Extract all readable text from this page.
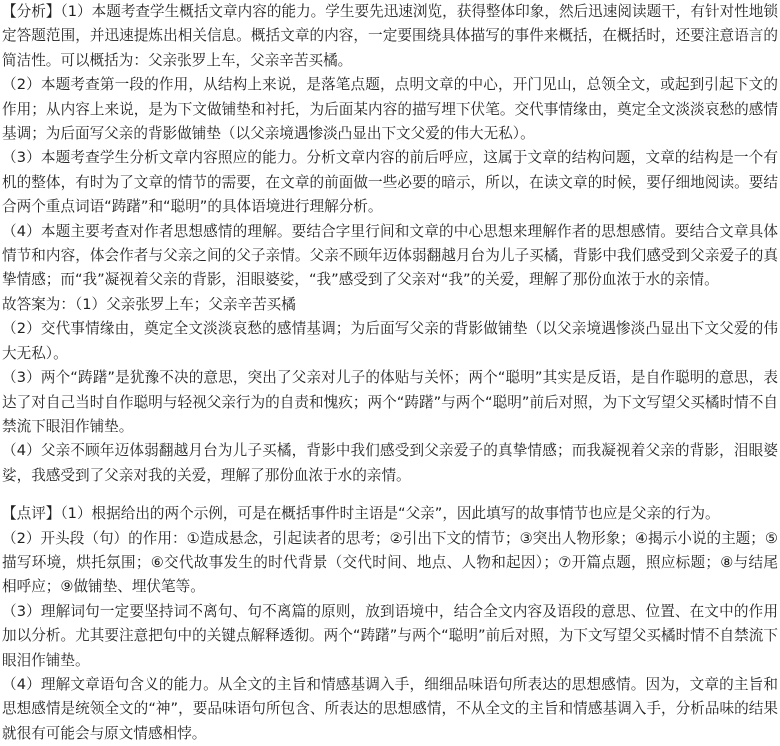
【分析】（1）本题考查学生概括文章内容的能力。学生要先迅速浏览，获得整体印象，然后迅速阅读题干，有针对性地锁定答题范围，并迅速提炼出相关信息。概括文章的内容，一定要围绕具体描写的事件来概括，在概括时，还要注意语言的简洁性。可以概括为：父亲张罗上车，父亲辛苦买橘。

（2）本题考查第一段的作用，从结构上来说，是落笔点题，点明文章的中心，开门见山，总领全文，或起到引起下文的作用；从内容上来说，是为下文做铺垫和衬托，为后面某内容的描写埋下伏笔。交代事情缘由，奠定全文淡淡哀愁的感情基调；为后面写父亲的背影做铺垫（以父亲境遇惨淡凸显出下文父爱的伟大无私）。

（3）本题考查学生分析文章内容照应的能力。分析文章内容的前后呼应，这属于文章的结构问题，文章的结构是一个有机的整体，有时为了文章的情节的需要，在文章的前面做一些必要的暗示，所以，在读文章的时候，要仔细地阅读。要结合两个重点词语“踌躇”和“聪明”的具体语境进行理解分析。

（4）本题主要考查对作者思想感情的理解。要结合字里行间和文章的中心思想来理解作者的思想感情。要结合文章具体情节和内容，体会作者与父亲之间的父子亲情。父亲不顾年迈体弱翻越月台为儿子买橘，背影中我们感受到父亲爱子的真挚情感；而“我”凝视着父亲的背影，泪眼婆娑，“我”感受到了父亲对“我”的关爱，理解了那份血浓于水的亲情。

故答案为：（1）父亲张罗上车；父亲辛苦买橘

（2）交代事情缘由，奠定全文淡淡哀愁的感情基调；为后面写父亲的背影做铺垫（以父亲境遇惨淡凸显出下文父爱的伟大无私）。

（3）两个“踌躇”是犹豫不决的意思，突出了父亲对儿子的体贴与关怀；两个“聪明”其实是反语，是自作聪明的意思，表达了对自己当时自作聪明与轻视父亲行为的自责和愧疚；两个“踌躇”与两个“聪明”前后对照，为下文写望父买橘时情不自禁流下眼泪作铺垫。

（4）父亲不顾年迈体弱翻越月台为儿子买橘，背影中我们感受到父亲爱子的真挚情感；而我凝视着父亲的背影，泪眼婆娑，我感受到了父亲对我的关爱，理解了那份血浓于水的亲情。

【点评】（1）根据给出的两个示例，可是在概括事件时主语是“父亲”，因此填写的故事情节也应是父亲的行为。

（2）开头段（句）的作用：①造成悬念，引起读者的思考；②引出下文的情节；③突出人物形象；④揭示小说的主题；⑤描写环境，烘托氛围；⑥交代故事发生的时代背景（交代时间、地点、人物和起因）；⑦开篇点题，照应标题；⑧与结尾相呼应；⑨做铺垫、埋伏笔等。

（3）理解词句一定要坚持词不离句、句不离篇的原则，放到语境中，结合全文内容及语段的意思、位置、在文中的作用加以分析。尤其要注意把句中的关键点解释透彻。两个“踌躇”与两个“聪明”前后对照，为下文写望父买橘时情不自禁流下眼泪作铺垫。

（4）理解文章语句含义的能力。从全文的主旨和情感基调入手，细细品味语句所表达的思想感情。因为，文章的主旨和思想感情是统领全文的“神”，要品味语句所包含、所表达的思想感情，不从全文的主旨和情感基调入手，分析品味的结果就很有可能会与原文情感相悖。
